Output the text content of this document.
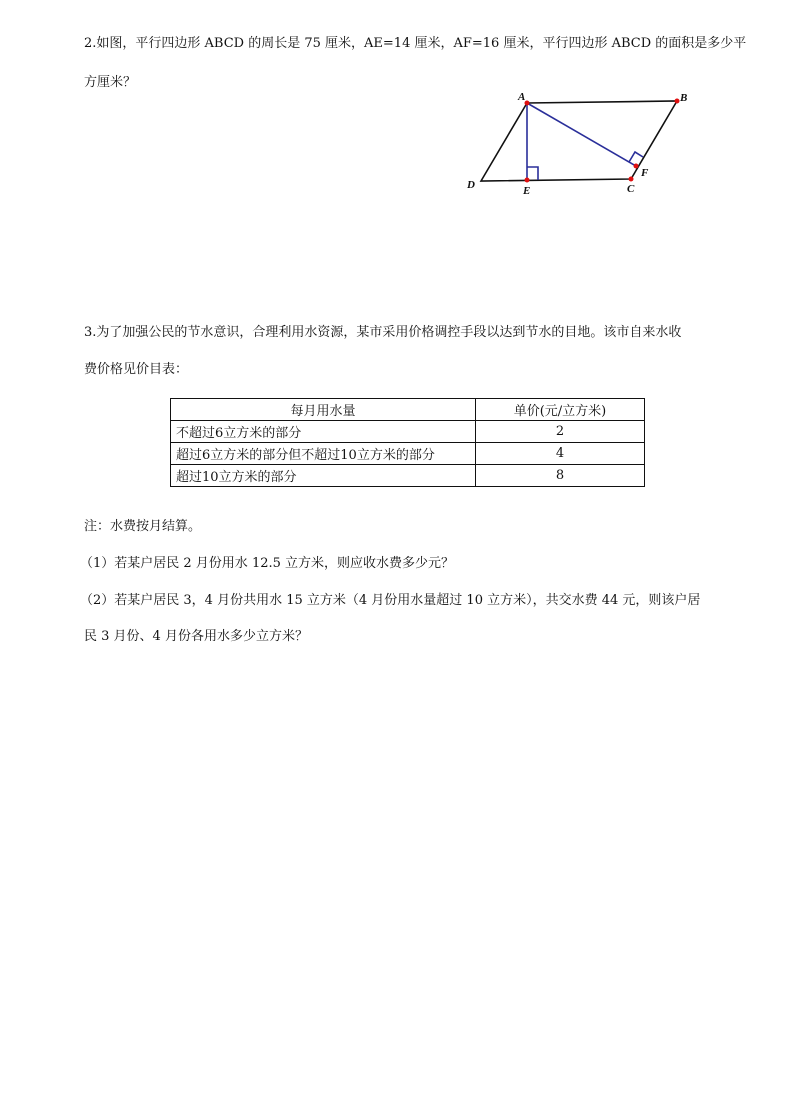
2.如图，平行四边形 ABCD 的周长是 75 厘米，AE=14 厘米，AF=16 厘米，平行四边形 ABCD 的面积是多少平
方厘米？
A	B
C
D	E
F
3.为了加强公民的节水意识，合理利用水资源，某市采用价格调控手段以达到节水的目地。该市自来水收
费价格见价目表：
每月用水量	单价(元/立方米)
不超过6立方米的部分	2
超过6立方米的部分但不超过10立方米的部分	4
超过10立方米的部分	8
注：水费按月结算。
（1）若某户居民 2 月份用水 12.5 立方米，则应收水费多少元？
（2）若某户居民 3，4 月份共用水 15 立方米（4 月份用水量超过 10 立方米），共交水费 44 元，则该户居
民 3 月份、4 月份各用水多少立方米？
